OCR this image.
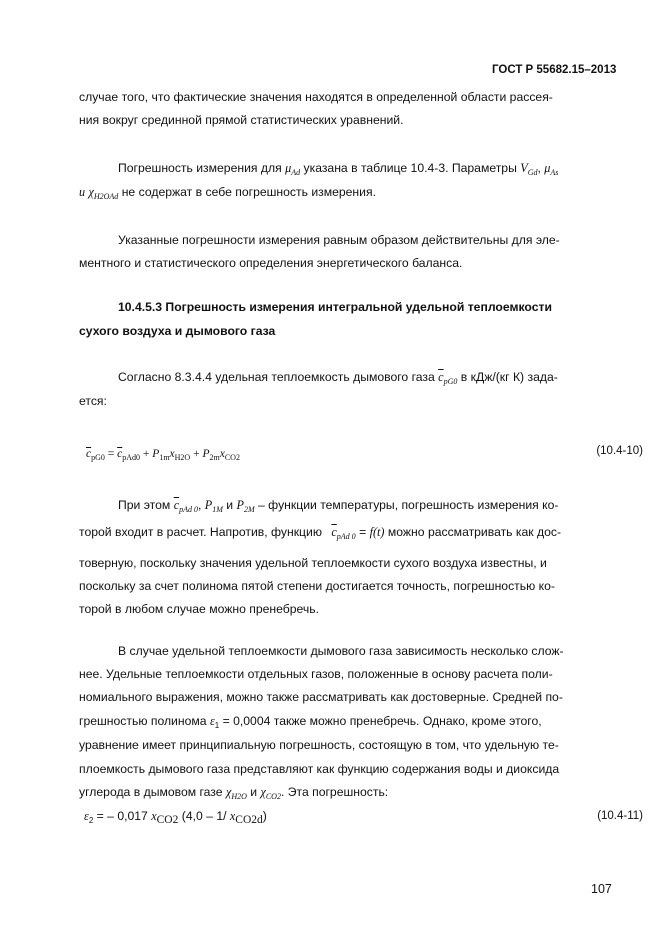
ГОСТ Р 55682.15–2013
случае того, что фактические значения находятся в определенной области рассея-
ния вокруг срединной прямой статистических уравнений.
Погрешность измерения для $\mu_{Ad}$ указана в таблице 10.4-3. Параметры $V_{Gd}$, $\mu_{As}$
и $\chi_{H2OAd}$ не содержат в себе погрешность измерения.
Указанные погрешности измерения равным образом действительны для эле-
ментного и статистического определения энергетического баланса.
10.4.5.3 Погрешность измерения интегральной удельной теплоемкости
сухого воздуха и дымового газа
Согласно 8.3.4.4 удельная теплоемкость дымового газа $\overline{c}_{pG0}$ в кДж/(кг К) задa-
ется:
$\overline{c}_{pG0} = \overline{c}_{pAd0} + P_{1m}x_{H2O} + P_{2m}x_{CO2}$
(10.4-10)
При этом $\overline{c}_{pAd 0}$, $P_{1M}$ и $P_{2M}$ – функции температуры, погрешность измерения ко-
торой входит в расчет. Напротив, функцию $\overline{c}_{pAd 0} = f(t)$ можно рассматривать как дос-
товерную, поскольку значения удельной теплоемкости сухого воздуха известны, и
поскольку за счет полинома пятой степени достигается точность, погрешностью ко-
торой в любом случае можно пренебречь.
В случае удельной теплоемкости дымового газа зависимость несколько слож-
нее. Удельные теплоемкости отдельных газов, положенные в основу расчета поли-
номиального выражения, можно также рассматривать как достоверные. Средней по-
грешностью полинома $\varepsilon_1 = 0,0004$ также можно пренебречь. Однако, кроме этого,
уравнение имеет принципиальную погрешность, состоящую в том, что удельную те-
плоемкость дымового газа представляют как функцию содержания воды и диоксида
углерода в дымовом газе $\chi_{H2O}$ и $\chi_{CO2}$. Эта погрешность:
$\varepsilon_2$ = – 0,017 xCO2 (4,0 – 1/ xCO2d)	(10.4-11)
107
